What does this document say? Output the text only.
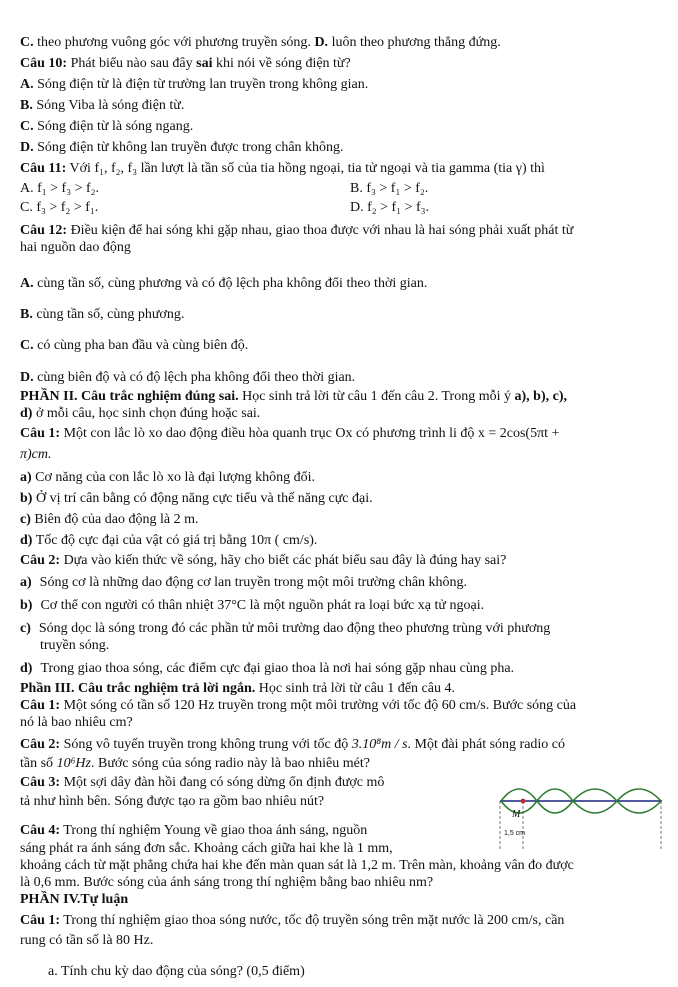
C. theo phương vuông góc với phương truyền sóng. D. luôn theo phương thẳng đứng.
Câu 10: Phát biểu nào sau đây sai khi nói về sóng điện từ?
A. Sóng điện từ là điện từ trường lan truyền trong không gian.
B. Sóng Viba là sóng điện từ.
C. Sóng điện từ là sóng ngang.
D. Sóng điện từ không lan truyền được trong chân không.
Câu 11: Với f₁, f₂, f₃ lần lượt là tần số của tia hồng ngoại, tia tử ngoại và tia gamma (tia γ) thì
A. f₁ > f₃ > f₂.	B. f₃ > f₁ > f₂.
C. f₃ > f₂ > f₁.	D. f₂ > f₁ > f₃.
Câu 12: Điều kiện để hai sóng khi gặp nhau, giao thoa được với nhau là hai sóng phải xuất phát từ
hai nguồn dao động
A. cùng tần số, cùng phương và có độ lệch pha không đổi theo thời gian.
B. cùng tần số, cùng phương.
C. có cùng pha ban đầu và cùng biên độ.
D. cùng biên độ và có độ lệch pha không đổi theo thời gian.
PHẦN II. Câu trắc nghiệm đúng sai. Học sinh trả lời từ câu 1 đến câu 2. Trong mỗi ý a), b), c),
d) ở mỗi câu, học sinh chọn đúng hoặc sai.
Câu 1: Một con lắc lò xo dao động điều hòa quanh trục Ox có phương trình li độ x = 2cos(5πt +
π)cm.
a) Cơ năng của con lắc lò xo là đại lượng không đổi.
b) Ở vị trí cân bằng có động năng cực tiểu và thế năng cực đại.
c) Biên độ của dao động là 2 m.
d) Tốc độ cực đại của vật có giá trị bằng 10π ( cm/s).
Câu 2: Dựa vào kiến thức về sóng, hãy cho biết các phát biểu sau đây là đúng hay sai?
a) Sóng cơ là những dao động cơ lan truyền trong một môi trường chân không.
b) Cơ thể con người có thân nhiệt 37°C là một nguồn phát ra loại bức xạ tử ngoại.
c) Sóng dọc là sóng trong đó các phần tử môi trường dao động theo phương trùng với phương
truyền sóng.
d) Trong giao thoa sóng, các điểm cực đại giao thoa là nơi hai sóng gặp nhau cùng pha.
Phần III. Câu trắc nghiệm trả lời ngắn. Học sinh trả lời từ câu 1 đến câu 4.
Câu 1: Một sóng có tần số 120 Hz truyền trong một môi trường với tốc độ 60 cm/s. Bước sóng của
nó là bao nhiêu cm?
Câu 2: Sóng vô tuyến truyền trong không trung với tốc độ 3.10⁸m / s. Một đài phát sóng radio có
tần số 10⁶Hz. Bước sóng của sóng radio này là bao nhiêu mét?
Câu 3: Một sợi dây đàn hồi đang có sóng dừng ổn định được mô
tả như hình bên. Sóng được tạo ra gồm bao nhiêu nút?
Câu 4: Trong thí nghiệm Young về giao thoa ánh sáng, nguồn
sáng phát ra ánh sáng đơn sắc. Khoảng cách giữa hai khe là 1 mm,
khoảng cách từ mặt phẳng chứa hai khe đến màn quan sát là 1,2 m. Trên màn, khoảng vân đo được
là 0,6 mm. Bước sóng của ánh sáng trong thí nghiệm bằng bao nhiêu nm?
PHẦN IV.Tự luận
Câu 1: Trong thí nghiệm giao thoa sóng nước, tốc độ truyền sóng trên mặt nước là 200 cm/s, cần
rung có tần số là 80 Hz.
a. Tính chu kỳ dao động của sóng? (0,5 điểm)
M
1,5 cm
